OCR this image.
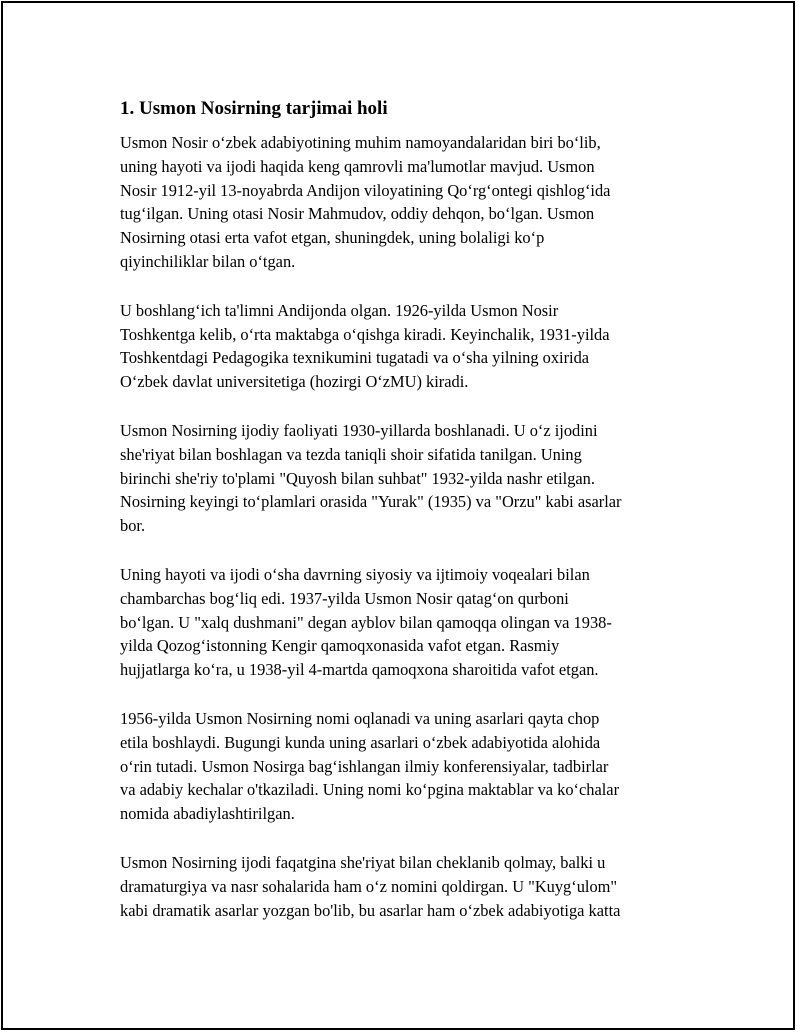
1. Usmon Nosirning tarjimai holi

Usmon Nosir o‘zbek adabiyotining muhim namoyandalaridan biri bo‘lib,
uning hayoti va ijodi haqida keng qamrovli ma'lumotlar mavjud. Usmon
Nosir 1912-yil 13-noyabrda Andijon viloyatining Qo‘rg‘ontegi qishlog‘ida
tug‘ilgan. Uning otasi Nosir Mahmudov, oddiy dehqon, bo‘lgan. Usmon
Nosirning otasi erta vafot etgan, shuningdek, uning bolaligi ko‘p
qiyinchiliklar bilan o‘tgan.

U boshlang‘ich ta'limni Andijonda olgan. 1926-yilda Usmon Nosir
Toshkentga kelib, o‘rta maktabga o‘qishga kiradi. Keyinchalik, 1931-yilda
Toshkentdagi Pedagogika texnikumini tugatadi va o‘sha yilning oxirida
O‘zbek davlat universitetiga (hozirgi O‘zMU) kiradi.

Usmon Nosirning ijodiy faoliyati 1930-yillarda boshlanadi. U o‘z ijodini
she'riyat bilan boshlagan va tezda taniqli shoir sifatida tanilgan. Uning
birinchi she'riy to'plami "Quyosh bilan suhbat" 1932-yilda nashr etilgan.
Nosirning keyingi to‘plamlari orasida "Yurak" (1935) va "Orzu" kabi asarlar
bor.

Uning hayoti va ijodi o‘sha davrning siyosiy va ijtimoiy voqealari bilan
chambarchas bog‘liq edi. 1937-yilda Usmon Nosir qatag‘on qurboni
bo‘lgan. U "xalq dushmani" degan ayblov bilan qamoqqa olingan va 1938-
yilda Qozog‘istonning Kengir qamoqxonasida vafot etgan. Rasmiy
hujjatlarga ko‘ra, u 1938-yil 4-martda qamoqxona sharoitida vafot etgan.

1956-yilda Usmon Nosirning nomi oqlanadi va uning asarlari qayta chop
etila boshlaydi. Bugungi kunda uning asarlari o‘zbek adabiyotida alohida
o‘rin tutadi. Usmon Nosirga bag‘ishlangan ilmiy konferensiyalar, tadbirlar
va adabiy kechalar o'tkaziladi. Uning nomi ko‘pgina maktablar va ko‘chalar
nomida abadiylashtirilgan.

Usmon Nosirning ijodi faqatgina she'riyat bilan cheklanib qolmay, balki u
dramaturgiya va nasr sohalarida ham o‘z nomini qoldirgan. U "Kuyg‘ulom"
kabi dramatik asarlar yozgan bo'lib, bu asarlar ham o‘zbek adabiyotiga katta
